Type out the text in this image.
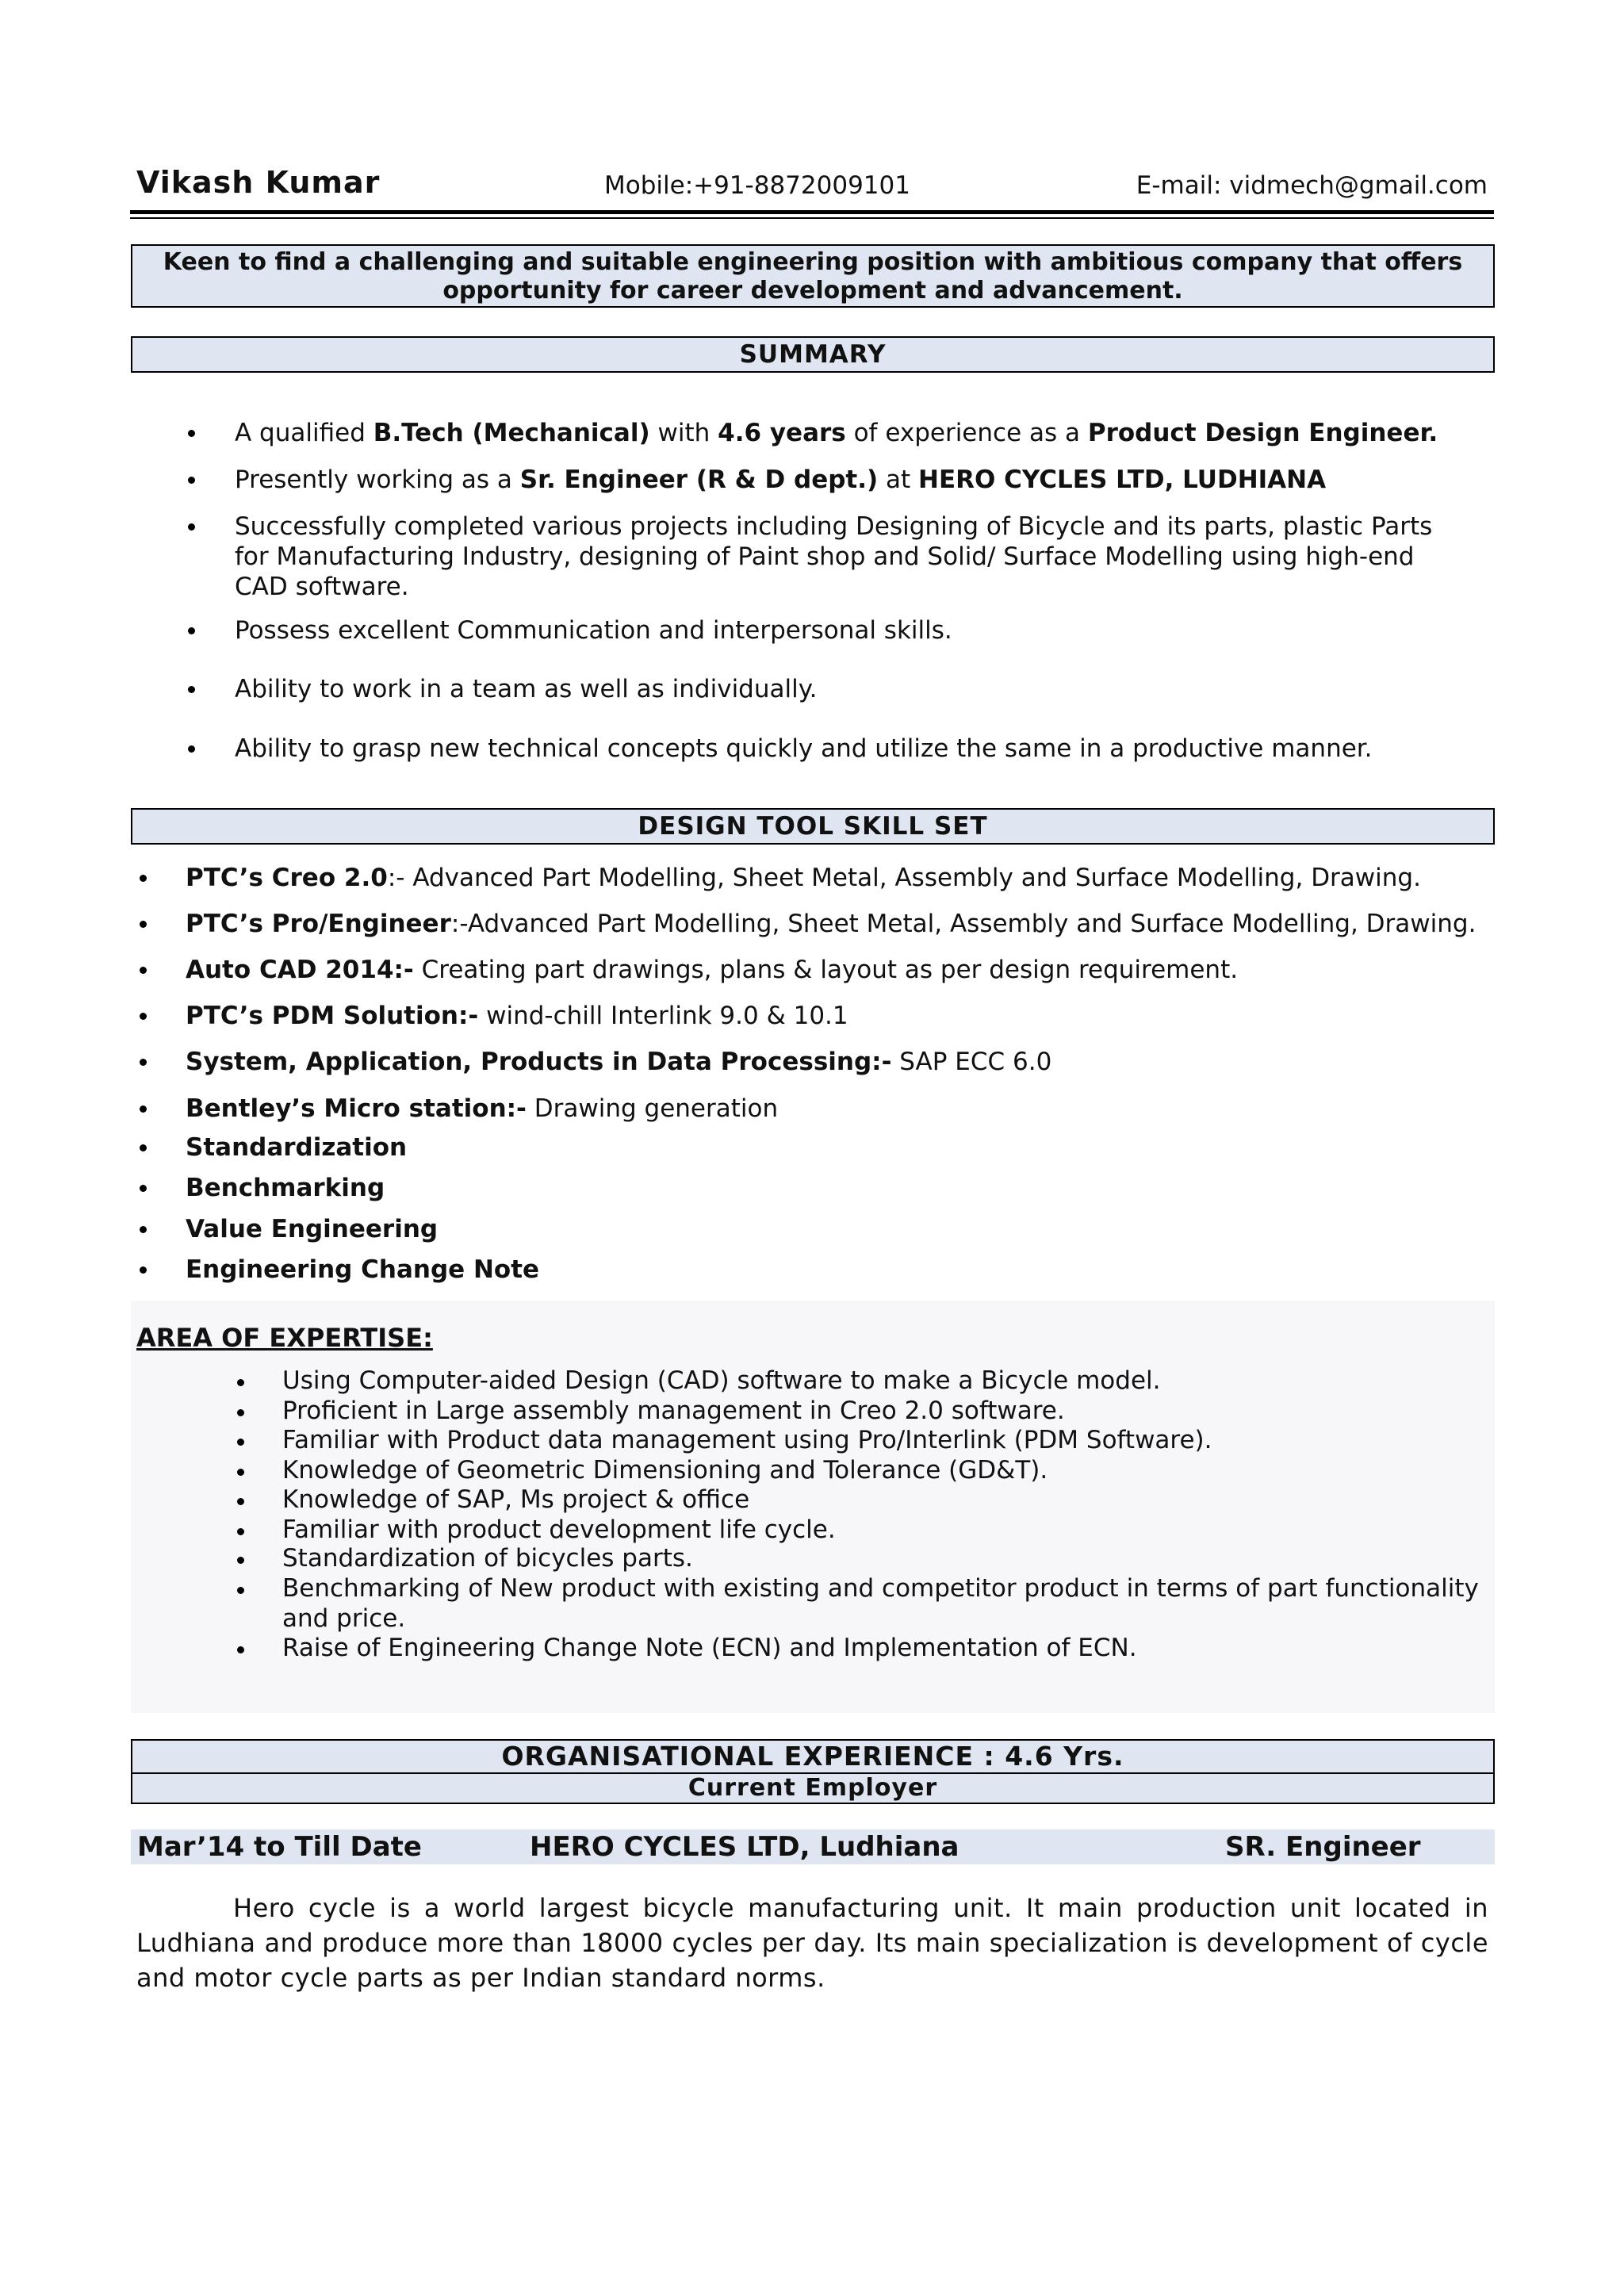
Vikash Kumar	Mobile:+91-8872009101	E-mail: vidmech@gmail.com
Keen to find a challenging and suitable engineering position with ambitious company that offers opportunity for career development and advancement.
SUMMARY
A qualified B.Tech (Mechanical) with 4.6 years of experience as a Product Design Engineer.
Presently working as a Sr. Engineer (R & D dept.) at HERO CYCLES LTD, LUDHIANA
Successfully completed various projects including Designing of Bicycle and its parts, plastic Parts for Manufacturing Industry, designing of Paint shop and Solid/ Surface Modelling using high-end CAD software.
Possess excellent Communication and interpersonal skills.
Ability to work in a team as well as individually.
Ability to grasp new technical concepts quickly and utilize the same in a productive manner.
DESIGN TOOL SKILL SET
PTC’s Creo 2.0:- Advanced Part Modelling, Sheet Metal, Assembly and Surface Modelling, Drawing.
PTC’s Pro/Engineer:-Advanced Part Modelling, Sheet Metal, Assembly and Surface Modelling, Drawing.
Auto CAD 2014:- Creating part drawings, plans & layout as per design requirement.
PTC’s PDM Solution:- wind-chill Interlink 9.0 & 10.1
System, Application, Products in Data Processing:- SAP ECC 6.0
Bentley’s Micro station:- Drawing generation
Standardization
Benchmarking
Value Engineering
Engineering Change Note
AREA OF EXPERTISE:
Using Computer-aided Design (CAD) software to make a Bicycle model.
Proficient in Large assembly management in Creo 2.0 software.
Familiar with Product data management using Pro/Interlink (PDM Software).
Knowledge of Geometric Dimensioning and Tolerance (GD&T).
Knowledge of SAP, Ms project & office
Familiar with product development life cycle.
Standardization of bicycles parts.
Benchmarking of New product with existing and competitor product in terms of part functionality and price.
Raise of Engineering Change Note (ECN) and Implementation of ECN.
ORGANISATIONAL EXPERIENCE : 4.6 Yrs.
Current Employer
Mar’14 to Till Date	HERO CYCLES LTD, Ludhiana	SR. Engineer
Hero cycle is a world largest bicycle manufacturing unit. It main production unit located in Ludhiana and produce more than 18000 cycles per day. Its main specialization is development of cycle and motor cycle parts as per Indian standard norms.
